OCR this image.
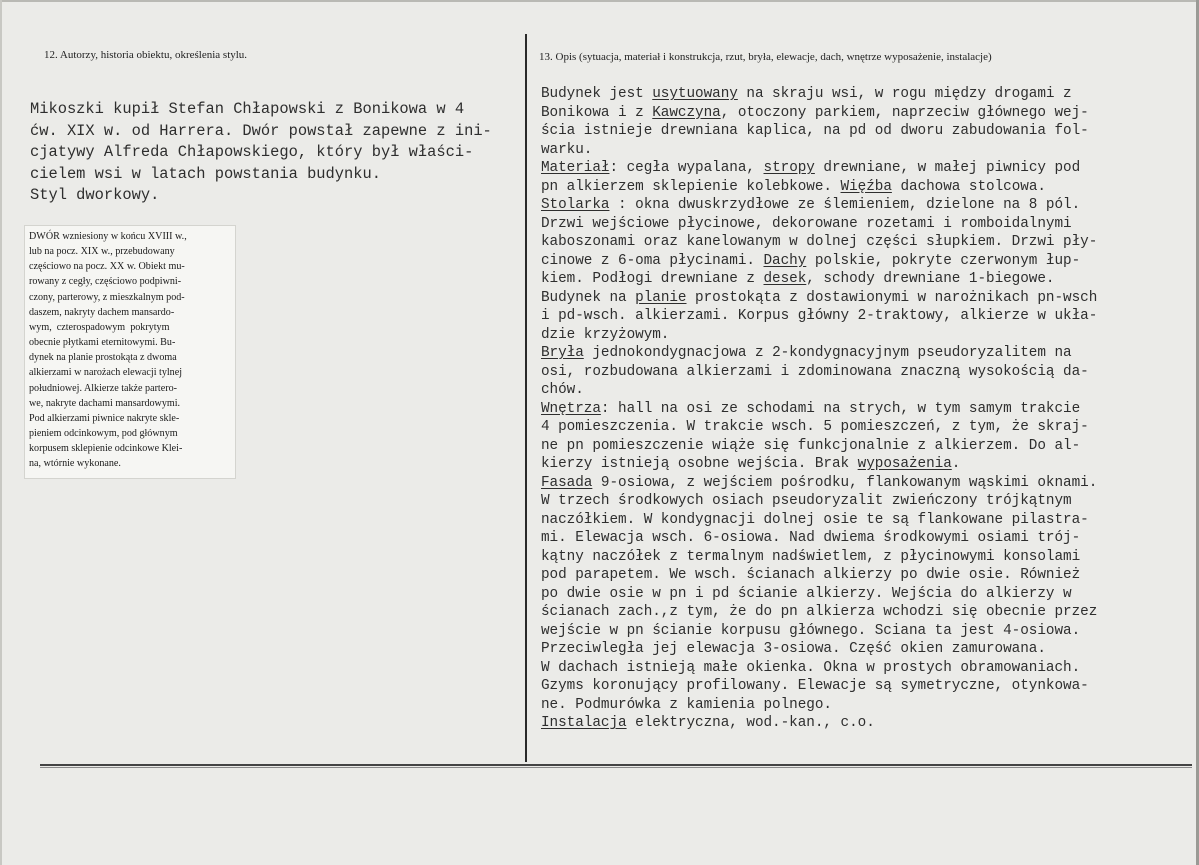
12. Autorzy, historia obiektu, określenia stylu.	13. Opis (sytuacja, materiał i konstrukcja, rzut, bryła, elewacje, dach, wnętrze wyposażenie, instalacje)
Mikoszki kupił Stefan Chłapowski z Bonikowa w 4
ćw. XIX w. od Harrera. Dwór powstał zapewne z ini-
cjatywy Alfreda Chłapowskiego, który był właści-
cielem wsi w latach powstania budynku.
Styl dworkowy.
DWÓR wzniesiony w końcu XVIII w.,
lub na pocz. XIX w., przebudowany
częściowo na pocz. XX w. Obiekt mu-
rowany z cegły, częściowo podpiwni-
czony, parterowy, z mieszkalnym pod-
daszem, nakryty dachem mansardo-
wym,  czterospadowym  pokrytym
obecnie płytkami eternitowymi. Bu-
dynek na planie prostokąta z dwoma
alkierzami w narożach elewacji tylnej
południowej. Alkierze także partero-
we, nakryte dachami mansardowymi.
Pod alkierzami piwnice nakryte skle-
pieniem odcinkowym, pod głównym
korpusem sklepienie odcinkowe Klei-
na, wtórnie wykonane.
Budynek jest usytuowany na skraju wsi, w rogu między drogami z
Bonikowa i z Kawczyna, otoczony parkiem, naprzeciw głównego wej-
ścia istnieje drewniana kaplica, na pd od dworu zabudowania fol-
warku.
Materiał: cegła wypalana, stropy drewniane, w małej piwnicy pod
pn alkierzem sklepienie kolebkowe. Więźba dachowa stolcowa.
Stolarka : okna dwuskrzydłowe ze ślemieniem, dzielone na 8 pól.
Drzwi wejściowe płycinowe, dekorowane rozetami i romboidalnymi
kaboszonami oraz kanelowanym w dolnej części słupkiem. Drzwi pły-
cinowe z 6-oma płycinami. Dachy polskie, pokryte czerwonym łup-
kiem. Podłogi drewniane z desek, schody drewniane 1-biegowe.
Budynek na planie prostokąta z dostawionymi w narożnikach pn-wsch
i pd-wsch. alkierzami. Korpus główny 2-traktowy, alkierze w ukła-
dzie krzyżowym.
Bryła jednokondygnacjowa z 2-kondygnacyjnym pseudoryzalitem na
osi, rozbudowana alkierzami i zdominowana znaczną wysokością da-
chów.
Wnętrza: hall na osi ze schodami na strych, w tym samym trakcie
4 pomieszczenia. W trakcie wsch. 5 pomieszczeń, z tym, że skraj-
ne pn pomieszczenie wiąże się funkcjonalnie z alkierzem. Do al-
kierzy istnieją osobne wejścia. Brak wyposażenia.
Fasada 9-osiowa, z wejściem pośrodku, flankowanym wąskimi oknami.
W trzech środkowych osiach pseudoryzalit zwieńczony trójkątnym
naczółkiem. W kondygnacji dolnej osie te są flankowane pilastra-
mi. Elewacja wsch. 6-osiowa. Nad dwiema środkowymi osiami trój-
kątny naczółek z termalnym nadświetlem, z płycinowymi konsolami
pod parapetem. We wsch. ścianach alkierzy po dwie osie. Również
po dwie osie w pn i pd ścianie alkierzy. Wejścia do alkierzy w
ścianach zach.,z tym, że do pn alkierza wchodzi się obecnie przez
wejście w pn ścianie korpusu głównego. Sciana ta jest 4-osiowa.
Przeciwległa jej elewacja 3-osiowa. Część okien zamurowana.
W dachach istnieją małe okienka. Okna w prostych obramowaniach.
Gzyms koronujący profilowany. Elewacje są symetryczne, otynkowa-
ne. Podmurówka z kamienia polnego.
Instalacja elektryczna, wod.-kan., c.o.
